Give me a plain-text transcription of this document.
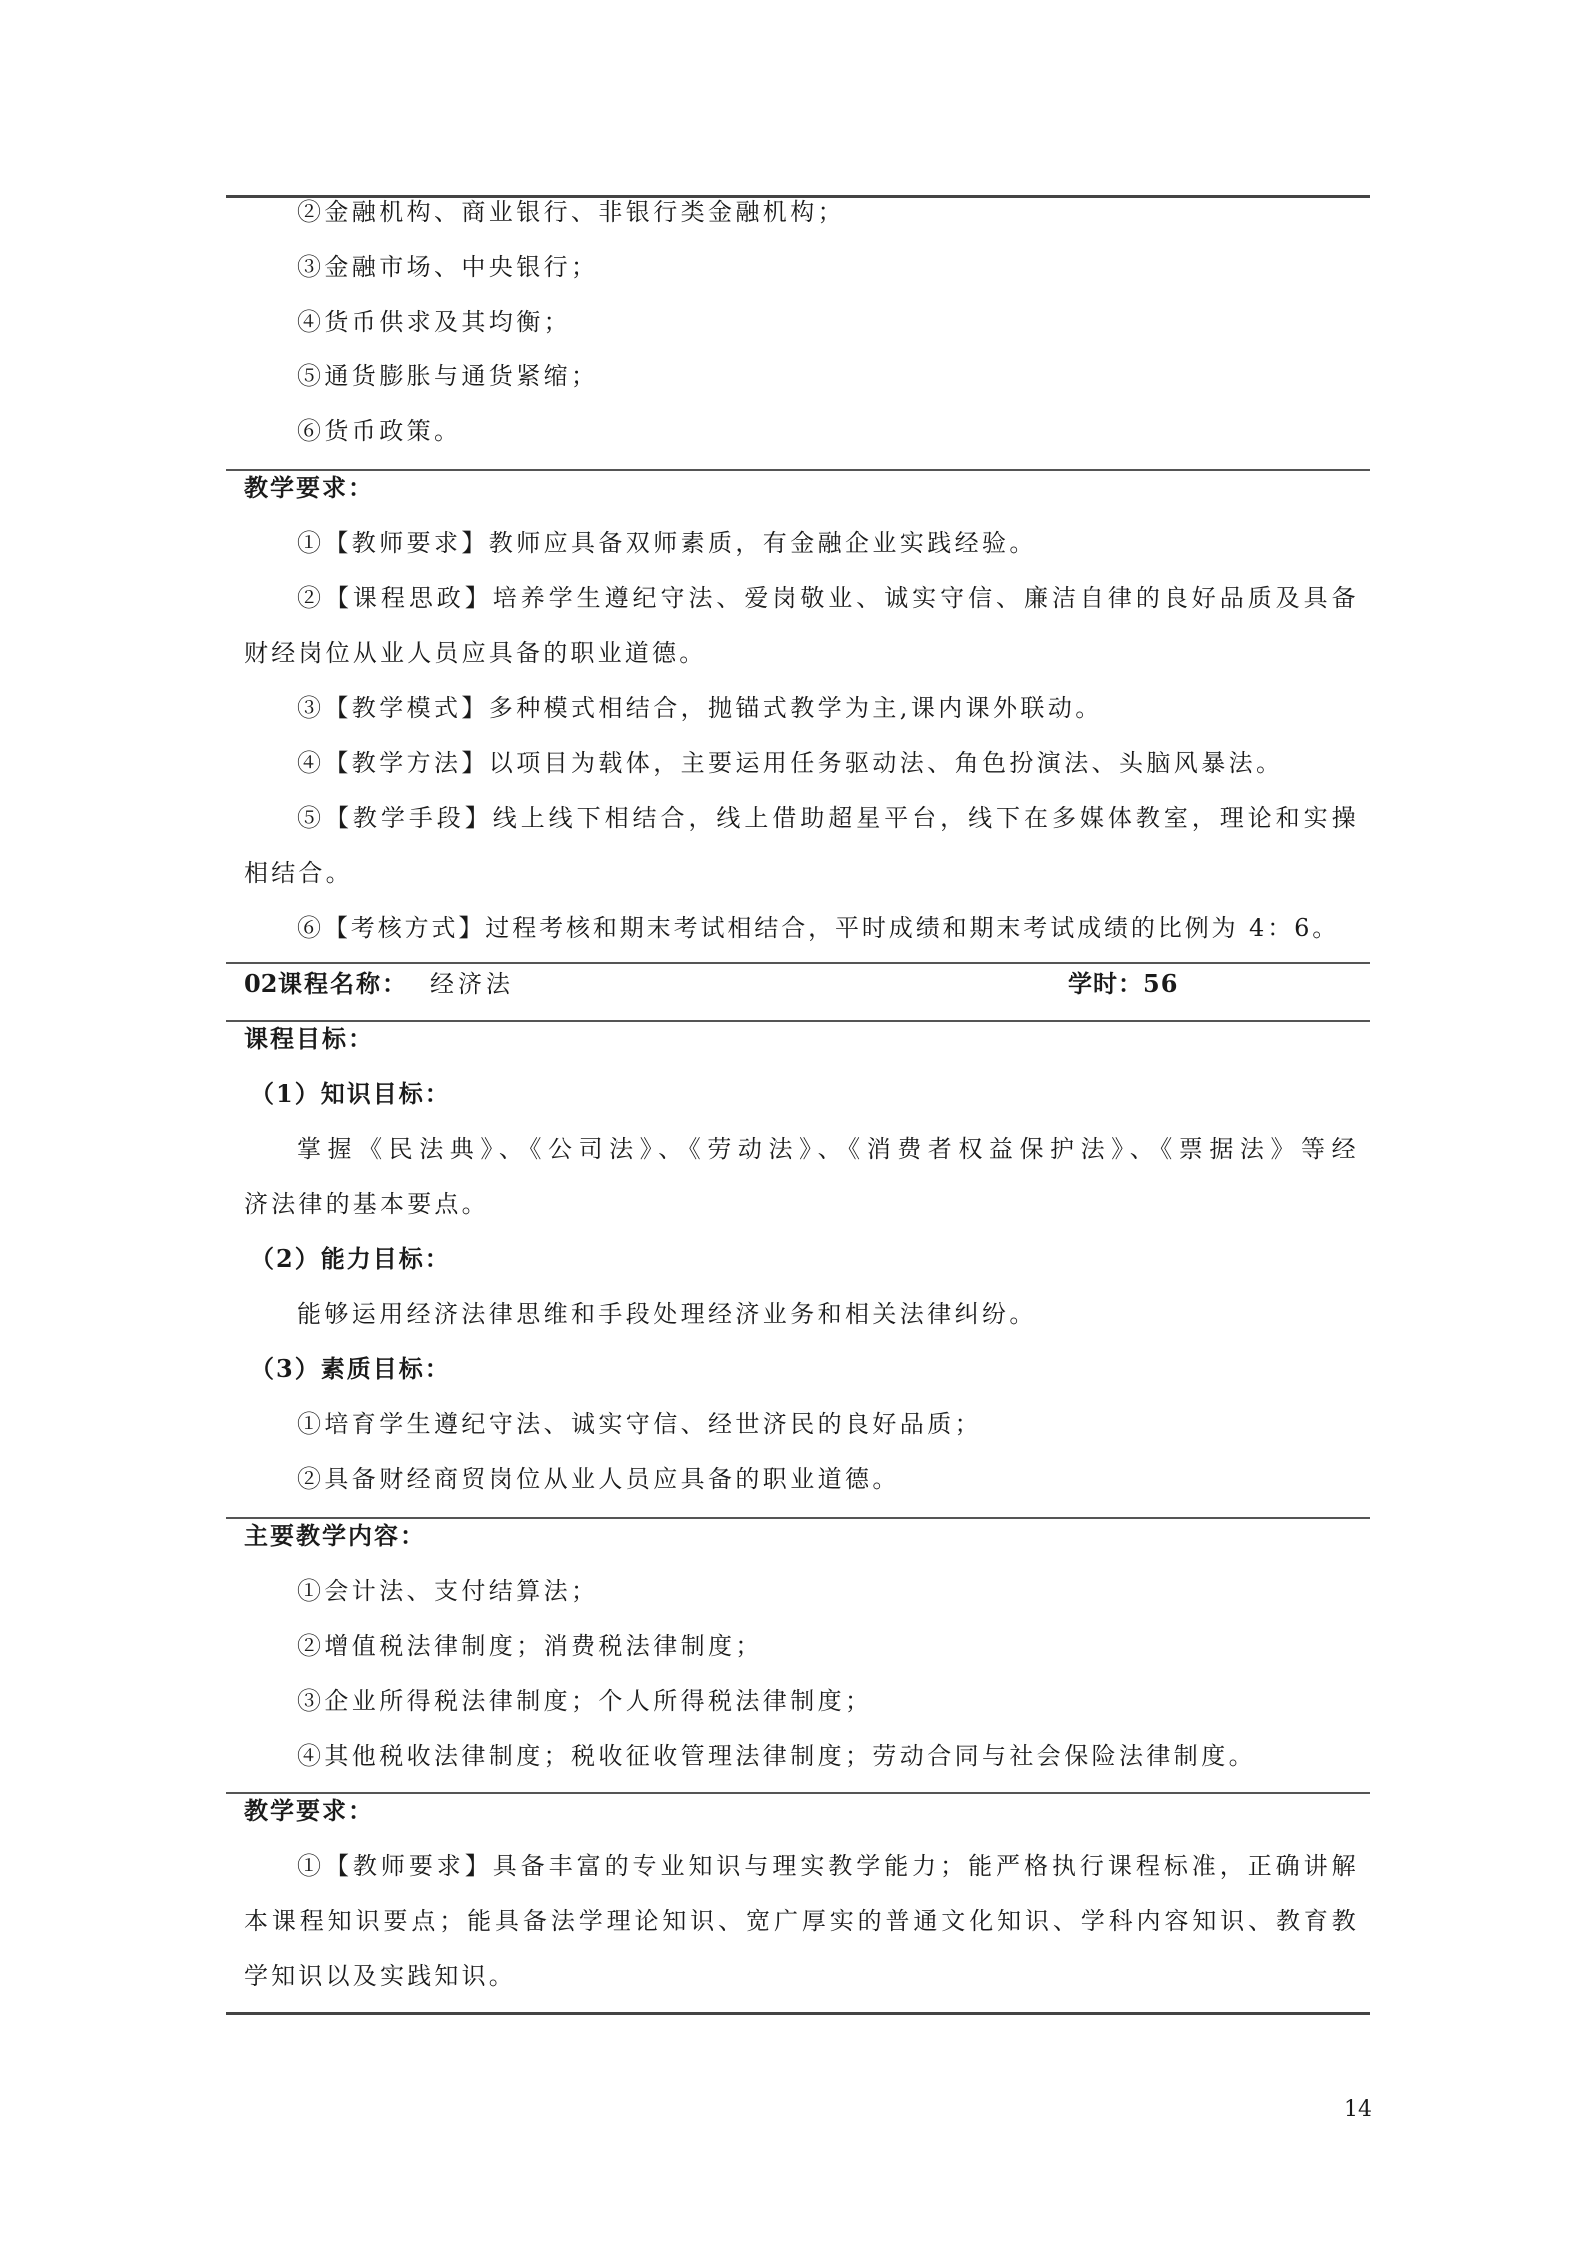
②金融机构、商业银行、非银行类金融机构；
③金融市场、中央银行；
④货币供求及其均衡；
⑤通货膨胀与通货紧缩；
⑥货币政策。
教学要求：
①【教师要求】教师应具备双师素质，有金融企业实践经验。
②【课程思政】培养学生遵纪守法、爱岗敬业、诚实守信、廉洁自律的良好品质及具备
财经岗位从业人员应具备的职业道德。
③【教学模式】多种模式相结合，抛锚式教学为主,课内课外联动。
④【教学方法】以项目为载体，主要运用任务驱动法、角色扮演法、头脑风暴法。
⑤【教学手段】线上线下相结合，线上借助超星平台，线下在多媒体教室，理论和实操
相结合。
⑥【考核方式】过程考核和期末考试相结合，平时成绩和期末考试成绩的比例为 4：6。
02 课程名称： 经济法	学时：56
课程目标：
（1）知识目标：
掌握《民法典》、《公司法》、《劳动法》、《消费者权益保护法》、《票据法》等经
济法律的基本要点。
（2）能力目标：
能够运用经济法律思维和手段处理经济业务和相关法律纠纷。
（3）素质目标：
①培育学生遵纪守法、诚实守信、经世济民的良好品质；
②具备财经商贸岗位从业人员应具备的职业道德。
主要教学内容：
①会计法、支付结算法；
②增值税法律制度；消费税法律制度；
③企业所得税法律制度；个人所得税法律制度；
④其他税收法律制度；税收征收管理法律制度；劳动合同与社会保险法律制度。
教学要求：
①【教师要求】具备丰富的专业知识与理实教学能力；能严格执行课程标准，正确讲解
本课程知识要点；能具备法学理论知识、宽广厚实的普通文化知识、学科内容知识、教育教
学知识以及实践知识。
14
